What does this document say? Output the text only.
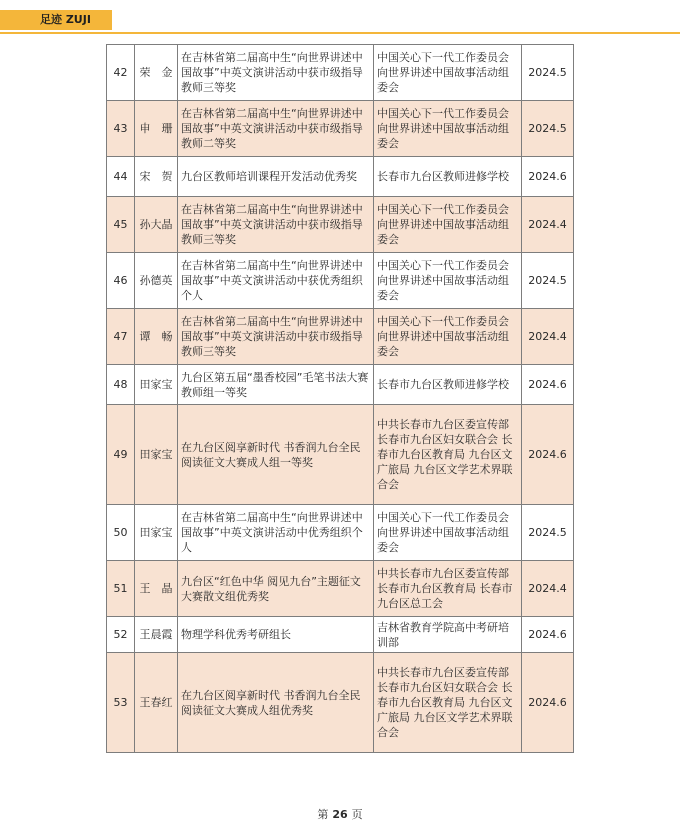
足迹 ZUJI
42	荣　金	在吉林省第二届高中生“向世界讲述中国故事”中英文演讲活动中获市级指导教师三等奖	中国关心下一代工作委员会 向世界讲述中国故事活动组委会	2024.5
43	申　珊	在吉林省第二届高中生“向世界讲述中国故事”中英文演讲活动中获市级指导教师二等奖	中国关心下一代工作委员会 向世界讲述中国故事活动组委会	2024.5
44	宋　贺	九台区教师培训课程开发活动优秀奖	长春市九台区教师进修学校	2024.6
45	孙大晶	在吉林省第二届高中生“向世界讲述中国故事”中英文演讲活动中获市级指导教师三等奖	中国关心下一代工作委员会 向世界讲述中国故事活动组委会	2024.4
46	孙德英	在吉林省第二届高中生“向世界讲述中国故事”中英文演讲活动中获优秀组织个人	中国关心下一代工作委员会 向世界讲述中国故事活动组委会	2024.5
47	谭　畅	在吉林省第二届高中生“向世界讲述中国故事”中英文演讲活动中获市级指导教师三等奖	中国关心下一代工作委员会 向世界讲述中国故事活动组委会	2024.4
48	田家宝	九台区第五届“墨香校园”毛笔书法大赛教师组一等奖	长春市九台区教师进修学校	2024.6
49	田家宝	在九台区阅享新时代 书香润九台全民阅读征文大赛成人组一等奖	中共长春市九台区委宣传部 长春市九台区妇女联合会 长春市九台区教育局 九台区文广旅局 九台区文学艺术界联合会	2024.6
50	田家宝	在吉林省第二届高中生“向世界讲述中国故事”中英文演讲活动中优秀组织个人	中国关心下一代工作委员会 向世界讲述中国故事活动组委会	2024.5
51	王　晶	九台区“红色中华 阅见九台”主题征文大赛散文组优秀奖	中共长春市九台区委宣传部 长春市九台区教育局 长春市九台区总工会	2024.4
52	王晨霞	物理学科优秀考研组长	吉林省教育学院高中考研培训部	2024.6
53	王春红	在九台区阅享新时代 书香润九台全民阅读征文大赛成人组优秀奖	中共长春市九台区委宣传部 长春市九台区妇女联合会 长春市九台区教育局 九台区文广旅局 九台区文学艺术界联合会	2024.6
第 26 页
